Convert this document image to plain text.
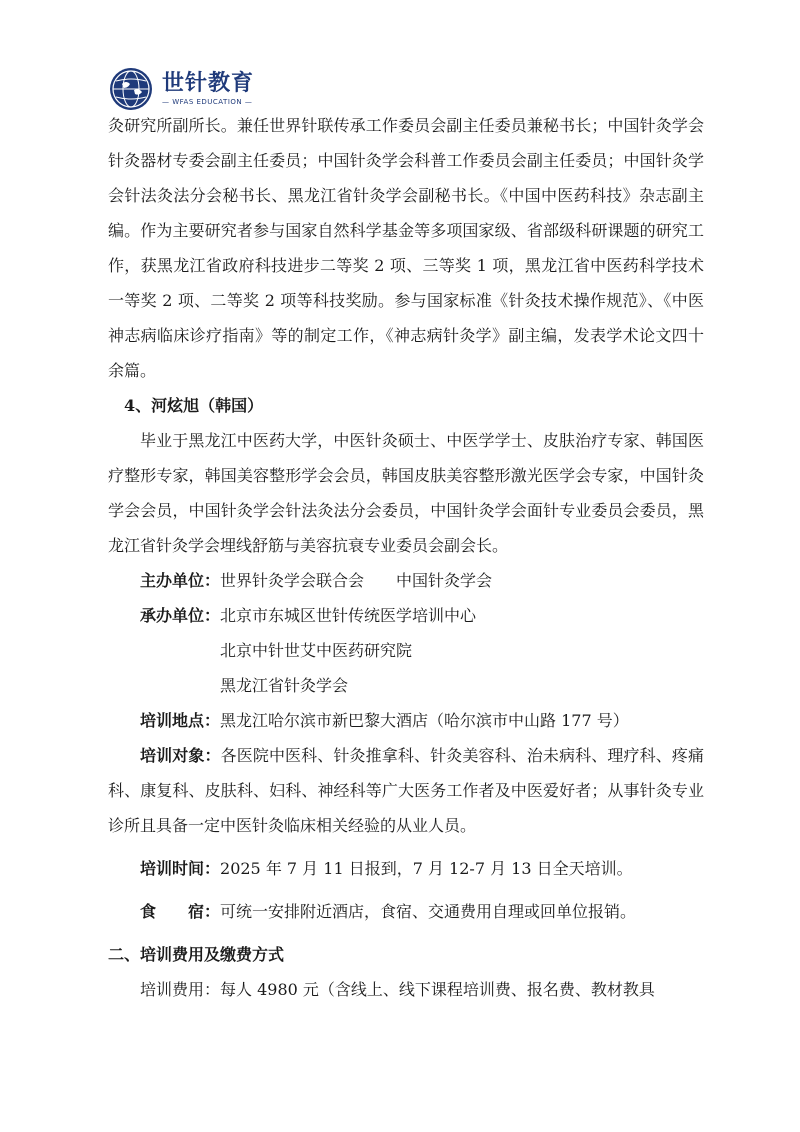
世针教育
— WFAS EDUCATION —

灸研究所副所长。兼任世界针联传承工作委员会副主任委员兼秘书长；中国针灸学会针灸器材专委会副主任委员；中国针灸学会科普工作委员会副主任委员；中国针灸学会针法灸法分会秘书长、黑龙江省针灸学会副秘书长。《中国中医药科技》杂志副主编。作为主要研究者参与国家自然科学基金等多项国家级、省部级科研课题的研究工作，获黑龙江省政府科技进步二等奖 2 项、三等奖 1 项，黑龙江省中医药科学技术一等奖 2 项、二等奖 2 项等科技奖励。参与国家标准《针灸技术操作规范》、《中医神志病临床诊疗指南》等的制定工作，《神志病针灸学》副主编，发表学术论文四十余篇。

4、河炫旭（韩国）

毕业于黑龙江中医药大学，中医针灸硕士、中医学学士、皮肤治疗专家、韩国医疗整形专家，韩国美容整形学会会员，韩国皮肤美容整形激光医学会专家，中国针灸学会会员，中国针灸学会针法灸法分会委员，中国针灸学会面针专业委员会委员，黑龙江省针灸学会埋线舒筋与美容抗衰专业委员会副会长。

主办单位： 世界针灸学会联合会 中国针灸学会
承办单位： 北京市东城区世针传统医学培训中心
北京中针世艾中医药研究院
黑龙江省针灸学会
培训地点：黑龙江哈尔滨市新巴黎大酒店（哈尔滨市中山路 177 号）
培训对象：各医院中医科、针灸推拿科、针灸美容科、治未病科、理疗科、疼痛科、康复科、皮肤科、妇科、神经科等广大医务工作者及中医爱好者；从事针灸专业诊所且具备一定中医针灸临床相关经验的从业人员。
培训时间：2025 年 7 月 11 日报到，7 月 12-7 月 13 日全天培训。
食宿：可统一安排附近酒店，食宿、交通费用自理或回单位报销。
二、培训费用及缴费方式

培训费用：每人 4980 元（含线上、线下课程培训费、报名费、教材教具
